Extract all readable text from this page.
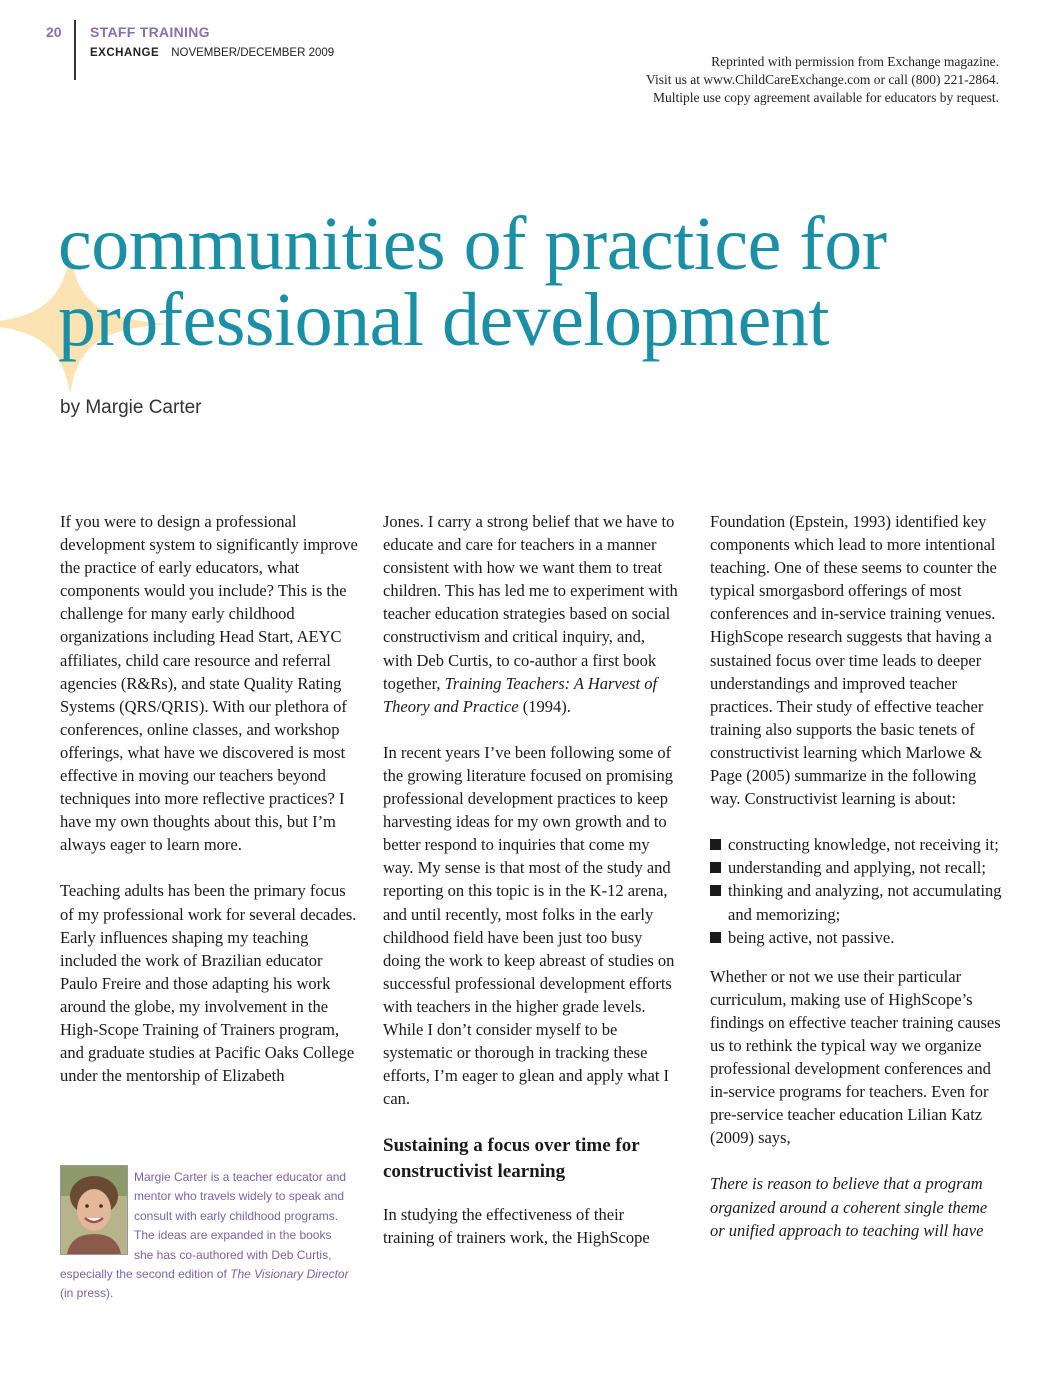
20 STAFF TRAINING
EXCHANGE NOVEMBER/DECEMBER 2009
Reprinted with permission from Exchange magazine.
Visit us at www.ChildCareExchange.com or call (800) 221-2864.
Multiple use copy agreement available for educators by request.
communities of practice for
professional development
by Margie Carter

If you were to design a professional development system to significantly improve the practice of early educators, what components would you include? This is the challenge for many early childhood organizations including Head Start, AEYC affiliates, child care resource and referral agencies (R&Rs), and state Quality Rating Systems (QRS/QRIS). With our plethora of conferences, online classes, and workshop offerings, what have we discovered is most effective in moving our teachers beyond techniques into more reflective practices? I have my own thoughts about this, but I’m always eager to learn more.

Teaching adults has been the primary focus of my professional work for several decades. Early influences shaping my teaching included the work of Brazilian educator Paulo Freire and those adapting his work around the globe, my involvement in the High-Scope Training of Trainers program, and graduate studies at Pacific Oaks College under the mentorship of Elizabeth

Jones. I carry a strong belief that we have to educate and care for teachers in a manner consistent with how we want them to treat children. This has led me to experiment with teacher education strategies based on social constructivism and critical inquiry, and, with Deb Curtis, to co-author a first book together, Training Teachers: A Harvest of Theory and Practice (1994).

In recent years I’ve been following some of the growing literature focused on promising professional development practices to keep harvesting ideas for my own growth and to better respond to inquiries that come my way. My sense is that most of the study and reporting on this topic is in the K-12 arena, and until recently, most folks in the early childhood field have been just too busy doing the work to keep abreast of studies on successful professional development efforts with teachers in the higher grade levels. While I don’t consider myself to be systematic or thorough in tracking these efforts, I’m eager to glean and apply what I can.

Sustaining a focus over time for constructivist learning

In studying the effectiveness of their training of trainers work, the HighScope

Foundation (Epstein, 1993) identified key components which lead to more intentional teaching. One of these seems to counter the typical smorgasbord offerings of most conferences and in-service training venues. HighScope research suggests that having a sustained focus over time leads to deeper understandings and improved teacher practices. Their study of effective teacher training also supports the basic tenets of constructivist learning which Marlowe & Page (2005) summarize in the following way. Constructivist learning is about:

constructing knowledge, not receiving it;
understanding and applying, not recall;
thinking and analyzing, not accumulating and memorizing;
being active, not passive.

Whether or not we use their particular curriculum, making use of HighScope’s findings on effective teacher training causes us to rethink the typical way we organize professional development conferences and in-service programs for teachers. Even for pre-service teacher education Lilian Katz (2009) says,

There is reason to believe that a program organized around a coherent single theme or unified approach to teaching will have

Margie Carter is a teacher educator and mentor who travels widely to speak and consult with early childhood programs. The ideas are expanded in the books she has co-authored with Deb Curtis, especially the second edition of The Visionary Director (in press).
